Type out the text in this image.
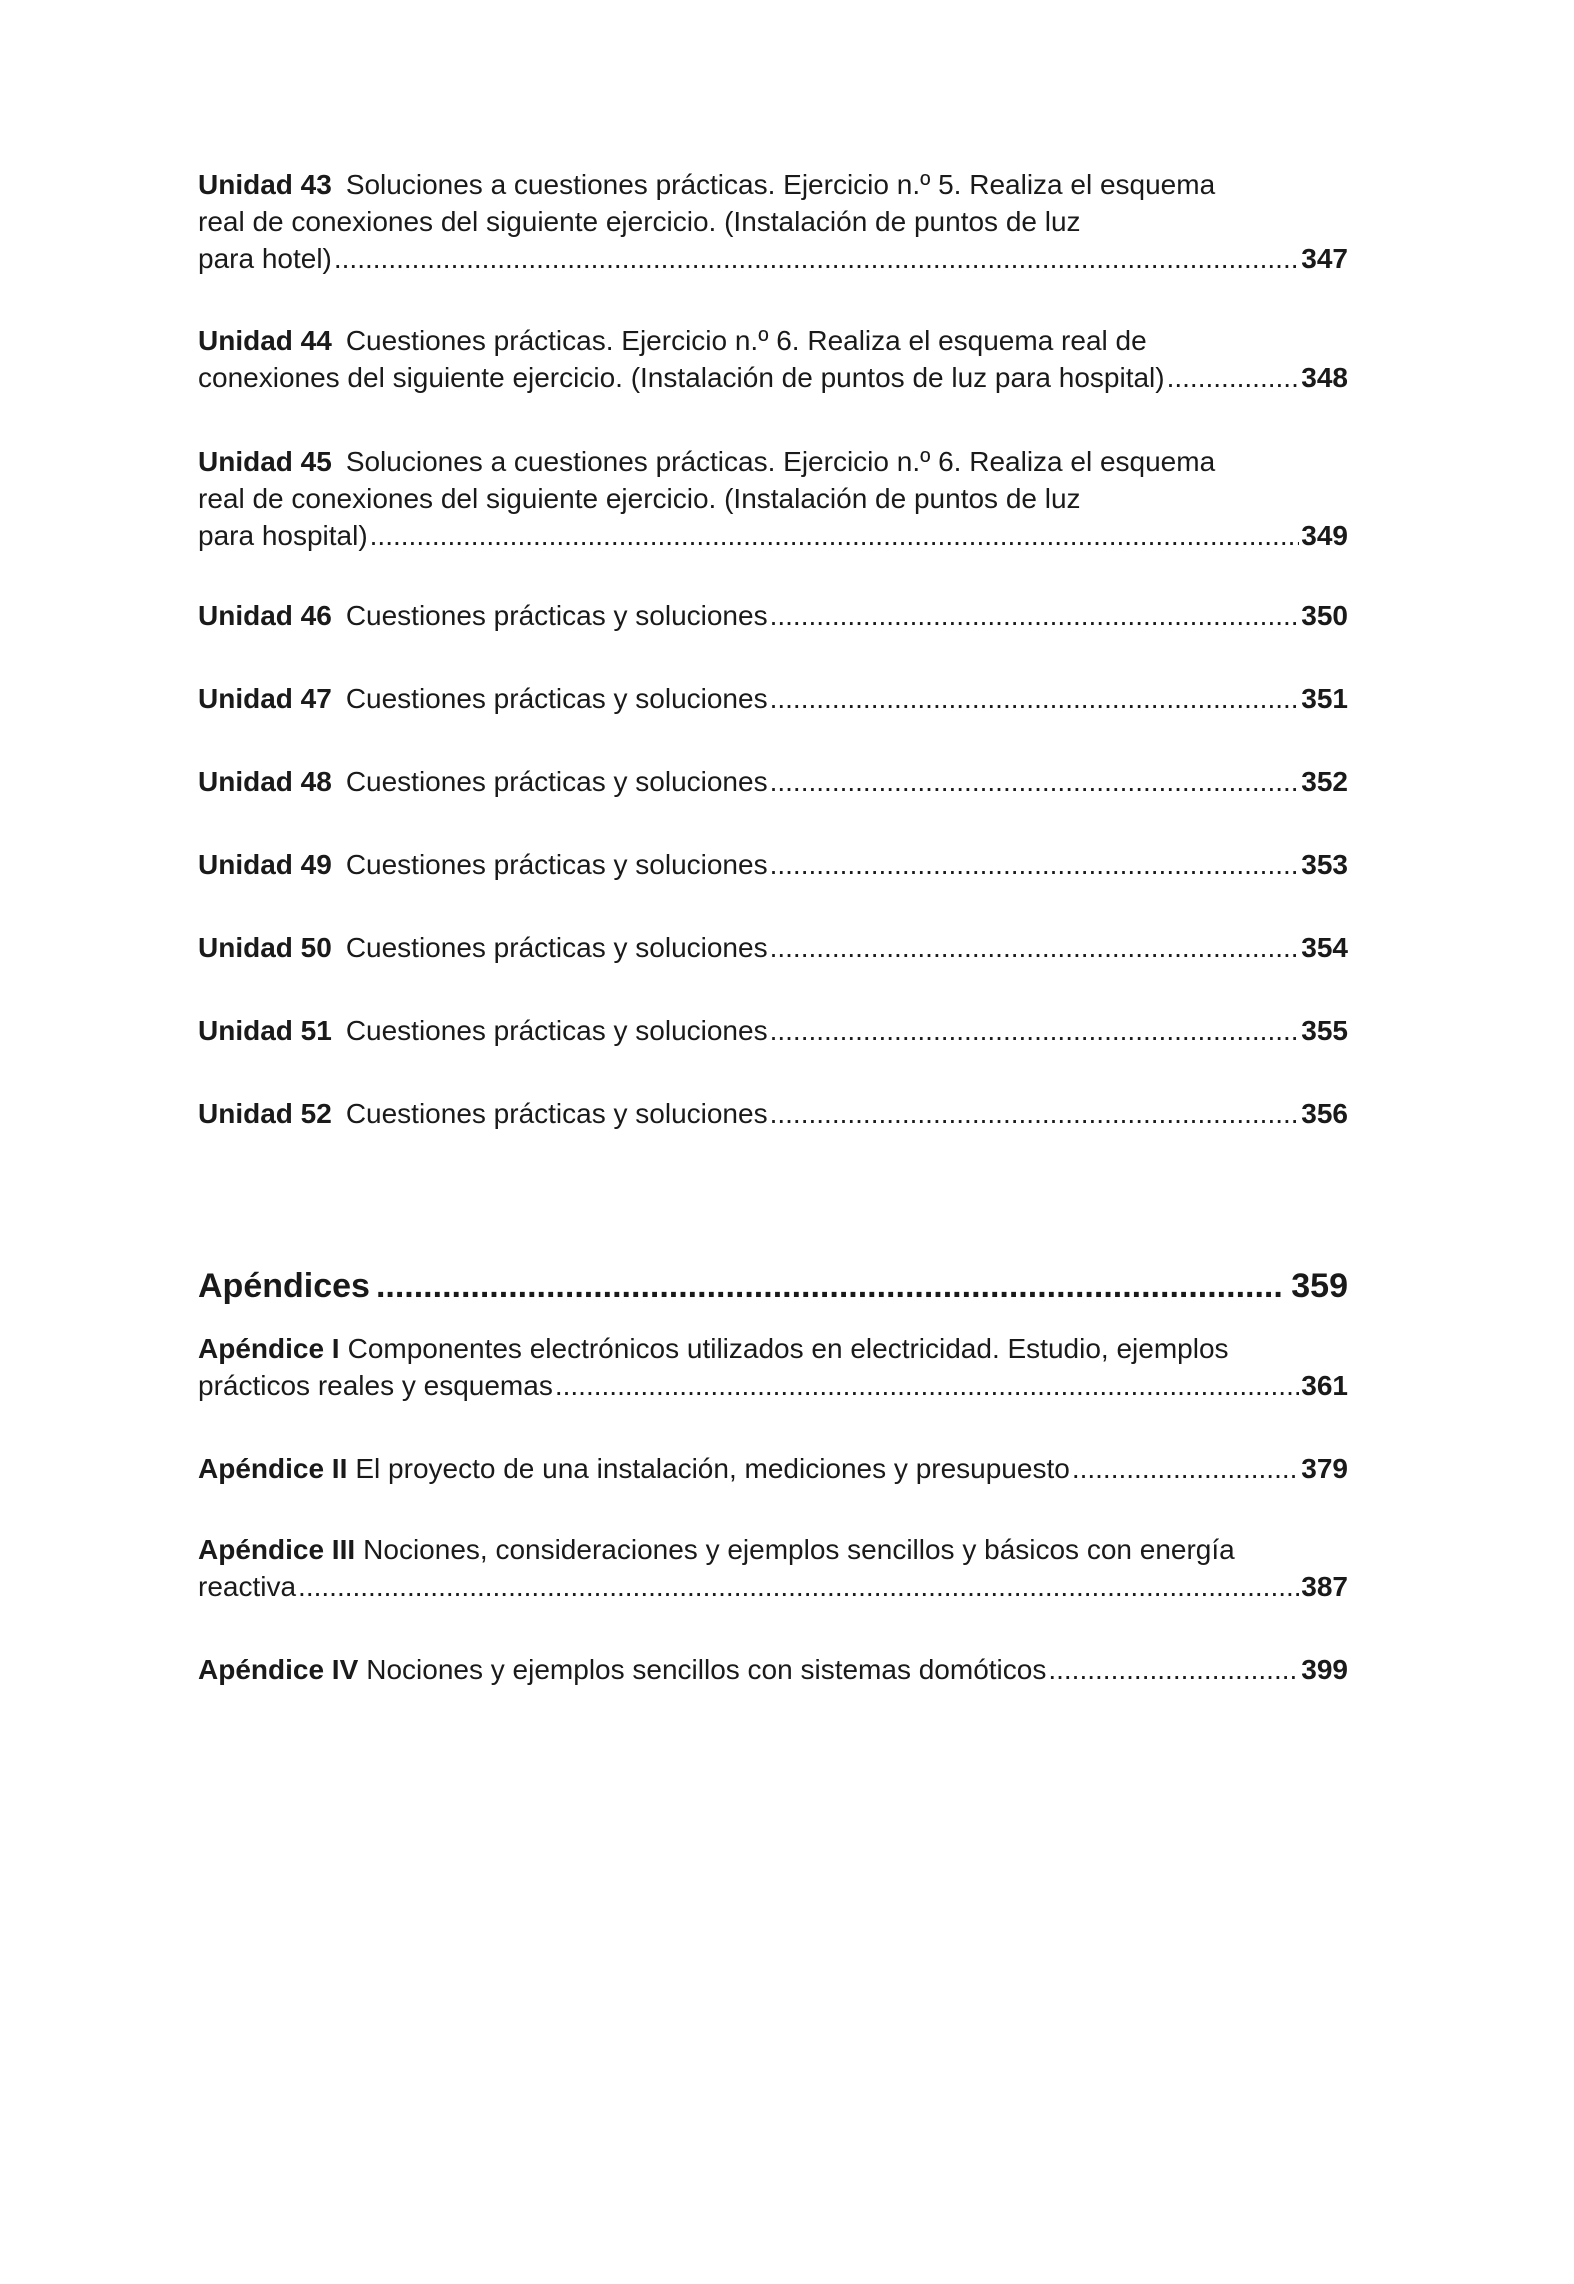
Unidad 43 Soluciones a cuestiones prácticas. Ejercicio n.º 5. Realiza el esquema
real de conexiones del siguiente ejercicio. (Instalación de puntos de luz
para hotel) .....	347
Unidad 44 Cuestiones prácticas. Ejercicio n.º 6. Realiza el esquema real de
conexiones del siguiente ejercicio. (Instalación de puntos de luz para hospital) .....	348
Unidad 45 Soluciones a cuestiones prácticas. Ejercicio n.º 6. Realiza el esquema
real de conexiones del siguiente ejercicio. (Instalación de puntos de luz
para hospital) .....	349
Unidad 46 Cuestiones prácticas y soluciones .....	350
Unidad 47 Cuestiones prácticas y soluciones .....	351
Unidad 48 Cuestiones prácticas y soluciones .....	352
Unidad 49 Cuestiones prácticas y soluciones .....	353
Unidad 50 Cuestiones prácticas y soluciones .....	354
Unidad 51 Cuestiones prácticas y soluciones .....	355
Unidad 52 Cuestiones prácticas y soluciones .....	356
Apéndices .....	359
Apéndice I Componentes electrónicos utilizados en electricidad. Estudio, ejemplos
prácticos reales y esquemas .....	361
Apéndice II El proyecto de una instalación, mediciones y presupuesto .....	379
Apéndice III Nociones, consideraciones y ejemplos sencillos y básicos con energía
reactiva .....	387
Apéndice IV Nociones y ejemplos sencillos con sistemas domóticos .....	399
